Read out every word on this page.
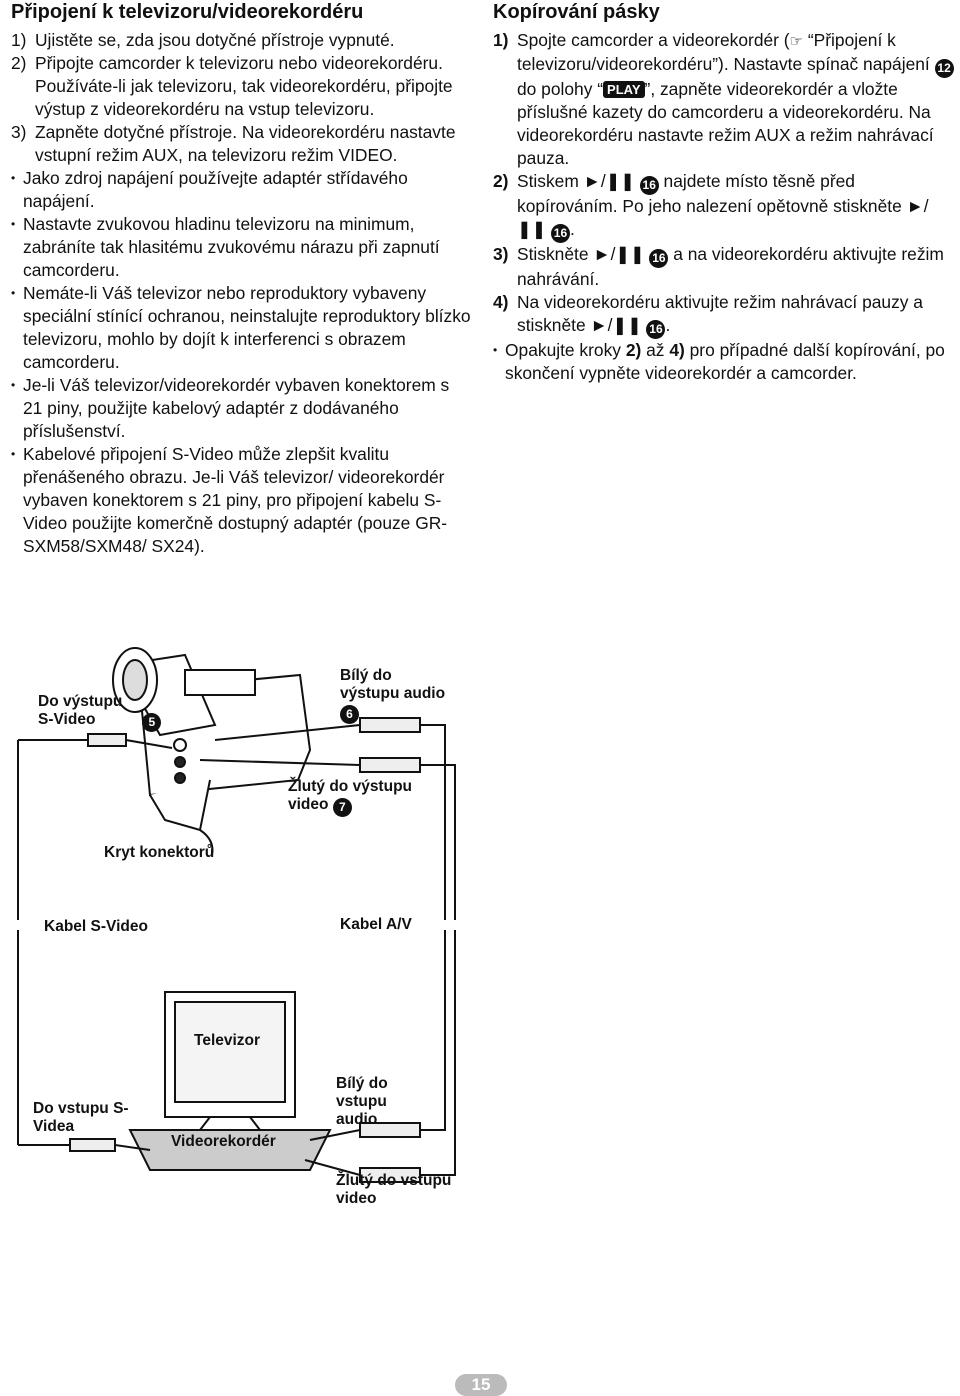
Připojení k televizoru/videorekordéru
1) Ujistěte se, zda jsou dotyčné přístroje vypnuté.
2) Připojte camcorder k televizoru nebo videorekordéru. Používáte-li jak televizoru, tak videorekordéru, připojte výstup z videorekordéru na vstup televizoru.
3) Zapněte dotyčné přístroje. Na videorekordéru nastavte vstupní režim AUX, na televizoru režim VIDEO.
• Jako zdroj napájení používejte adaptér střídavého napájení.
• Nastavte zvukovou hladinu televizoru na minimum, zabráníte tak hlasitému zvukovému nárazu při zapnutí camcorderu.
• Nemáte-li Váš televizor nebo reproduktory vybaveny speciální stínící ochranou, neinstalujte reproduktory blízko televizoru, mohlo by dojít k interferenci s obrazem camcorderu.
• Je-li Váš televizor/videorekordér vybaven konektorem s 21 piny, použijte kabelový adaptér z dodávaného příslušenství.
• Kabelové připojení S-Video může zlepšit kvalitu přenášeného obrazu. Je-li Váš televizor/ videorekordér vybaven konektorem s 21 piny, pro připojení kabelu S-Video použijte komerčně dostupný adaptér (pouze GR-SXM58/SXM48/ SX24).
Kopírování pásky
1) Spojte camcorder a videorekordér (☞ “Připojení k televizoru/videorekordéru”). Nastavte spínač napájení 12 do polohy “ PLAY ”, zapněte videorekordér a vložte příslušné kazety do camcorderu a videorekordéru. Na videorekordéru nastavte režim AUX a režim nahrávací pauza.
2) Stiskem ►/❚❚ 16 najdete místo těsně před kopírováním. Po jeho nalezení opětovně stiskněte ►/❚❚ 16 .
3) Stiskněte ►/❚❚ 16 a na videorekordéru aktivujte režim nahrávání.
4) Na videorekordéru aktivujte režim nahrávací pauzy a stiskněte ►/❚❚ 16 .
• Opakujte kroky 2) až 4) pro případné další kopírování, po skončení vypněte videorekordér a camcorder.
Do výstupu S-Video	5
Bílý do výstupu audio 6
Žlutý do výstupu video 7
Kryt konektorů
Kabel S-Video	Kabel A/V
Televizor
Do vstupu S-Videa
Videorekordér
Bílý do vstupu audio
Žlutý do vstupu video
15
